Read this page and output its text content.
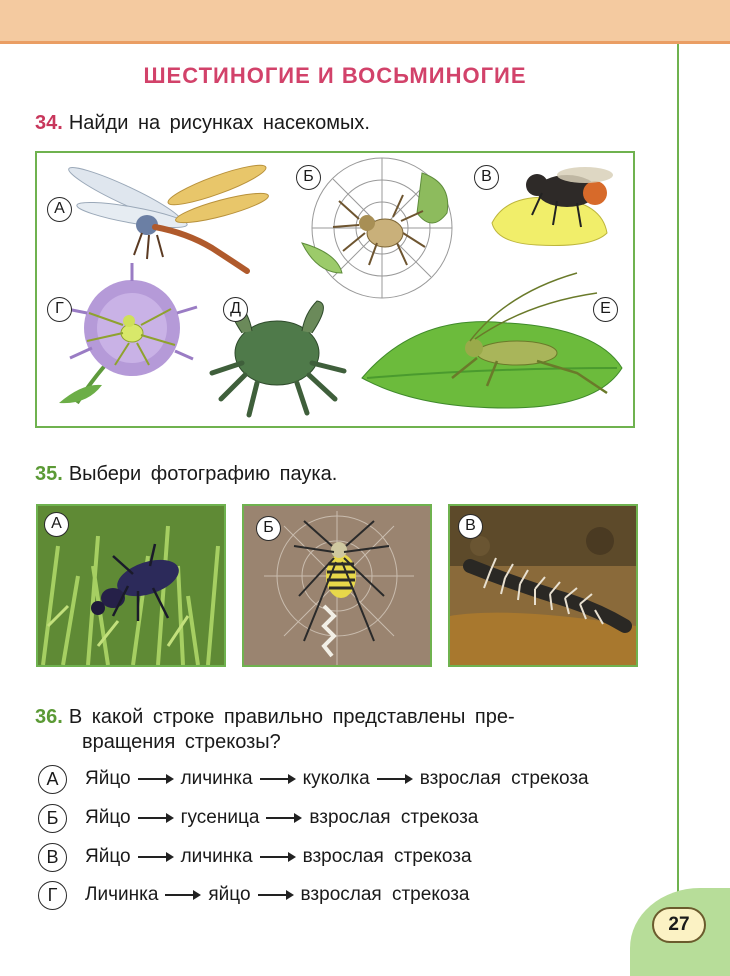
27
ШЕСТИНОГИЕ И ВОСЬМИНОГИЕ
34. Найди на рисунках насекомых.
А
Б	В
Г	Д	Е
35. Выбери фотографию паука.
А	Б	В
36. В какой строке правильно представлены пре-
вращения стрекозы?
А	Яйцо	личинка	куколка	взрослая стрекоза
Б	Яйцо	гусеница	взрослая стрекоза
В	Яйцо	личинка	взрослая стрекоза
Г	Личинка	яйцо	взрослая стрекоза
